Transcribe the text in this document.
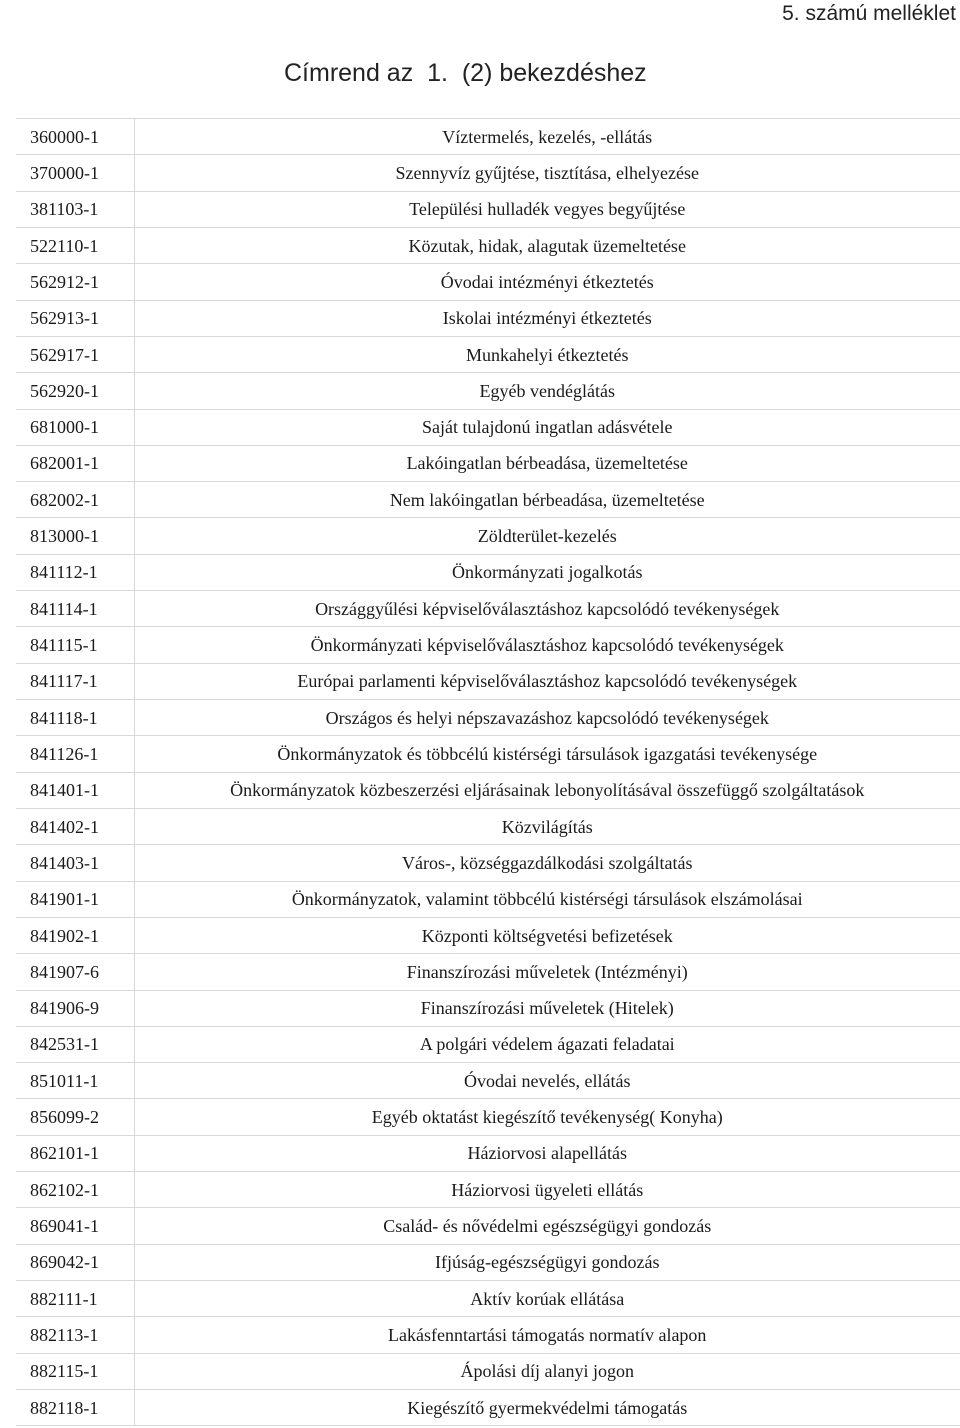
5. számú melléklet
Címrend az  1.  (2) bekezdéshez
360000-1	Víztermelés, kezelés, -ellátás
370000-1	Szennyvíz gyűjtése, tisztítása, elhelyezése
381103-1	Települési hulladék vegyes begyűjtése
522110-1	Közutak, hidak, alagutak üzemeltetése
562912-1	Óvodai intézményi étkeztetés
562913-1	Iskolai intézményi étkeztetés
562917-1	Munkahelyi étkeztetés
562920-1	Egyéb vendéglátás
681000-1	Saját tulajdonú ingatlan adásvétele
682001-1	Lakóingatlan bérbeadása, üzemeltetése
682002-1	Nem lakóingatlan bérbeadása, üzemeltetése
813000-1	Zöldterület-kezelés
841112-1	Önkormányzati jogalkotás
841114-1	Országgyűlési képviselőválasztáshoz kapcsolódó tevékenységek
841115-1	Önkormányzati képviselőválasztáshoz kapcsolódó tevékenységek
841117-1	Európai parlamenti képviselőválasztáshoz kapcsolódó tevékenységek
841118-1	Országos és helyi népszavazáshoz kapcsolódó tevékenységek
841126-1	Önkormányzatok és többcélú kistérségi társulások igazgatási tevékenysége
841401-1	Önkormányzatok közbeszerzési eljárásainak lebonyolításával összefüggő szolgáltatások
841402-1	Közvilágítás
841403-1	Város-, községgazdálkodási szolgáltatás
841901-1	Önkormányzatok, valamint többcélú kistérségi társulások elszámolásai
841902-1	Központi költségvetési befizetések
841907-6	Finanszírozási műveletek (Intézményi)
841906-9	Finanszírozási műveletek (Hitelek)
842531-1	A polgári védelem ágazati feladatai
851011-1	Óvodai nevelés, ellátás
856099-2	Egyéb oktatást kiegészítő tevékenység( Konyha)
862101-1	Háziorvosi alapellátás
862102-1	Háziorvosi ügyeleti ellátás
869041-1	Család- és nővédelmi egészségügyi gondozás
869042-1	Ifjúság-egészségügyi gondozás
882111-1	Aktív korúak ellátása
882113-1	Lakásfenntartási támogatás normatív alapon
882115-1	Ápolási díj alanyi jogon
882118-1	Kiegészítő gyermekvédelmi támogatás
